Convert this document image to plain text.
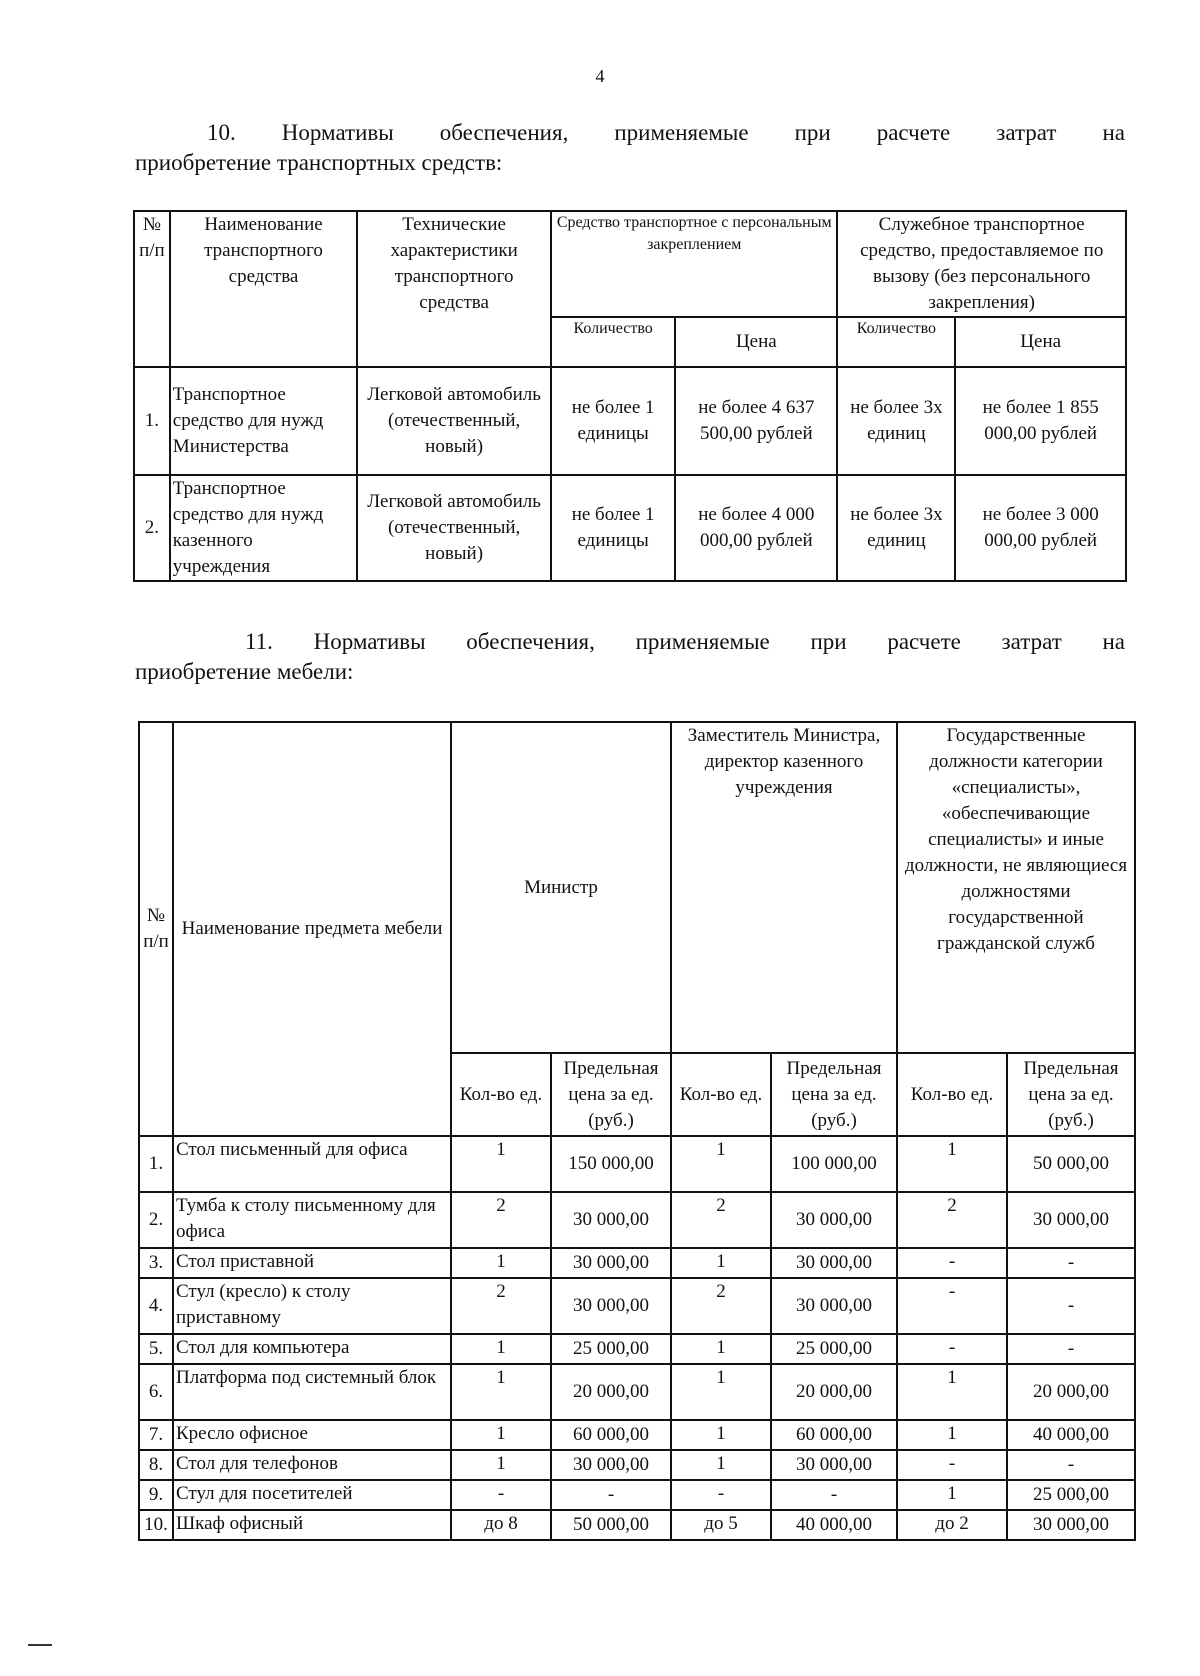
4
10. Нормативы обеспечения, применяемые при расчете затрат на
приобретение транспортных средств:
№ п/п	Наименование транспортного средства	Технические характеристики транспортного средства	Средство транспортное с персональным закреплением		Служебное транспортное средство, предоставляемое по вызову (без персонального закрепления)	
			Количество	Цена	Количество	Цена
1.	Транспортное средство для нужд Министерства	Легковой автомобиль (отечественный, новый)	не более 1 единицы	не более 4 637 500,00 рублей	не более 3х единиц	не более 1 855 000,00 рублей
2.	Транспортное средство для нужд казенного учреждения	Легковой автомобиль (отечественный, новый)	не более 1 единицы	не более 4 000 000,00 рублей	не более 3х единиц	не более 3 000 000,00 рублей
11. Нормативы обеспечения, применяемые при расчете затрат на
приобретение мебели:
№ п/п	Наименование предмета мебели	Министр		Заместитель Министра, директор казенного учреждения		Государственные должности категории «специалисты», «обеспечивающие специалисты» и иные должности, не являющиеся должностями государственной гражданской служб	
		Кол-во ед.	Предельная цена за ед. (руб.)	Кол-во ед.	Предельная цена за ед. (руб.)	Кол-во ед.	Предельная цена за ед. (руб.)
1.	Стол письменный для офиса	1	150 000,00	1	100 000,00	1	50 000,00
2.	Тумба к столу письменному для офиса	2	30 000,00	2	30 000,00	2	30 000,00
3.	Стол приставной	1	30 000,00	1	30 000,00	-	-
4.	Стул (кресло) к столу приставному	2	30 000,00	2	30 000,00	-	-
5.	Стол для компьютера	1	25 000,00	1	25 000,00	-	-
6.	Платформа под системный блок	1	20 000,00	1	20 000,00	1	20 000,00
7.	Кресло офисное	1	60 000,00	1	60 000,00	1	40 000,00
8.	Стол для телефонов	1	30 000,00	1	30 000,00	-	-
9.	Стул для посетителей	-	-	-	-	1	25 000,00
10.	Шкаф офисный	до 8	50 000,00	до 5	40 000,00	до 2	30 000,00
